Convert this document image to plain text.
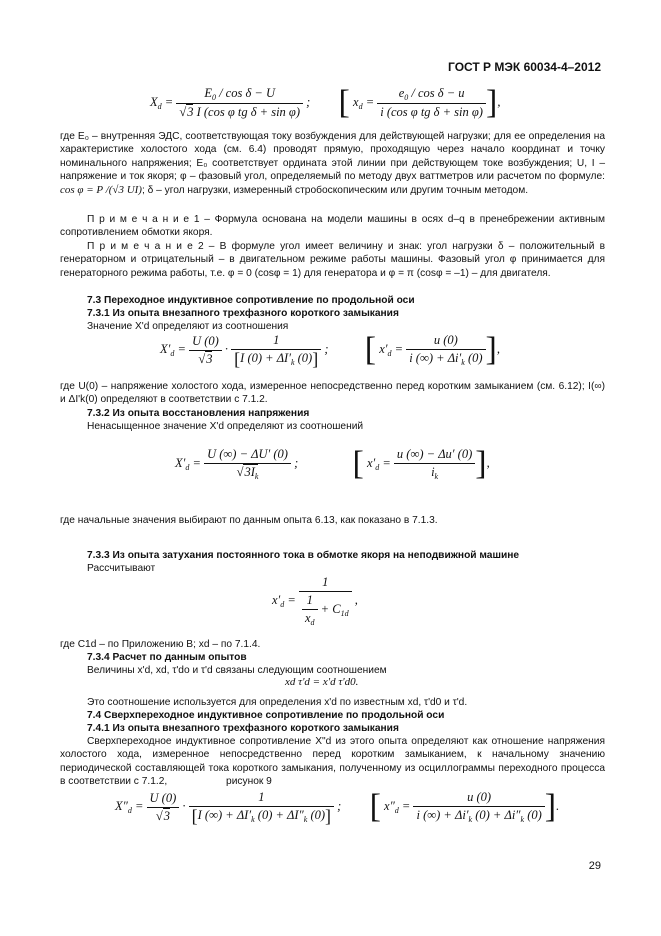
ГОСТ Р МЭК 60034-4–2012
$X_d = \frac{E_0 / \cos \delta - U}{\text{√3 I (cos φ tg δ + sin φ)}}$ ;  [ $x_d = \frac{e_0 / \cos \delta - u}{\text{i (cos φ tg δ + sin φ)}}$ ],

где E₀ – внутренняя ЭДС, соответствующая току возбуждения для действующей нагрузки; для ее определения на характеристике холостого хода (см. 6.4) проводят прямую, проходящую через начало координат и точку номинального напряжения; E₀ соответствует ордината этой линии при действующем токе возбуждения; U, I – напряжение и ток якоря; φ – фазовый угол, определяемый по методу двух ваттметров или расчетом по формуле: cos φ = P /(√3 UI); δ – угол нагрузки, измеренный стробоскопическим или другим точным методом.

П р и м е ч а н и е 1 – Формула основана на модели машины в осях d–q в пренебрежении активным сопротивлением обмотки якоря.

П р и м е ч а н и е 2 – В формуле угол имеет величину и знак: угол нагрузки δ – положительный в генераторном и отрицательный – в двигательном режиме работы машины. Фазовый угол φ принимается для генераторного режима работы, т.е. φ = 0 (cosφ = 1) для генератора и φ = π (cosφ = –1) – для двигателя.

7.3 Переходное индуктивное сопротивление по продольной оси
7.3.1 Из опыта внезапного трехфазного короткого замыкания
Значение X'd определяют из соотношения
$X'_d = \frac{U (0)}{√3} \cdot \frac{1}{[I (0) + \Delta I'_k (0)]}$ ;  [ $x'_d = \frac{u (0)}{i (\infty) + \Delta i'_k (0)}$ ],

где U(0) – напряжение холостого хода, измеренное непосредственно перед коротким замыканием (см. 6.12); I(∞) и ΔI'k(0) определяют в соответствии с 7.1.2.

7.3.2 Из опыта восстановления напряжения
Ненасыщенное значение X'd определяют из соотношений
$X'_d = \frac{U (\infty) - \Delta U' (0)}{√3I_k}$ ;  [ $x'_d = \frac{u (\infty) - \Delta u' (0)}{i_k}$ ],

где начальные значения выбирают по данным опыта 6.13, как показано в 7.1.3.

7.3.3 Из опыта затухания постоянного тока в обмотке якоря на неподвижной машине
Рассчитывают
$x'_d = \frac{1}{\frac{1}{x_d} + C_{1d}}$ ,

где C1d – по Приложению В; xd – по 7.1.4.

7.3.4 Расчет по данным опытов
Величины x'd, xd, τ'do и τ'd связаны следующим соотношением
xd τ'd = x'd τ'd0.
Это соотношение используется для определения x'd по известным xd, τ'd0 и τ'd.
7.4 Сверхпереходное индуктивное сопротивление по продольной оси
7.4.1 Из опыта внезапного трехфазного короткого замыкания

Сверхпереходное индуктивное сопротивление X"d из этого опыта определяют как отношение напряжения холостого хода, измеренное непосредственно перед коротким замыканием, к начальному значению периодической составляющей тока короткого замыкания, полученному из осциллограммы переходного процесса в соответствии с 7.1.2,	рисунок 9

$X''_d = \frac{U (0)}{√3} \cdot \frac{1}{[I (\infty) + \Delta I'_k (0) + \Delta I''_k (0)]}$ ;  [ $x''_d = \frac{u (0)}{i (\infty) + \Delta i'_k (0) + \Delta i''_k (0)}$ ].
29
